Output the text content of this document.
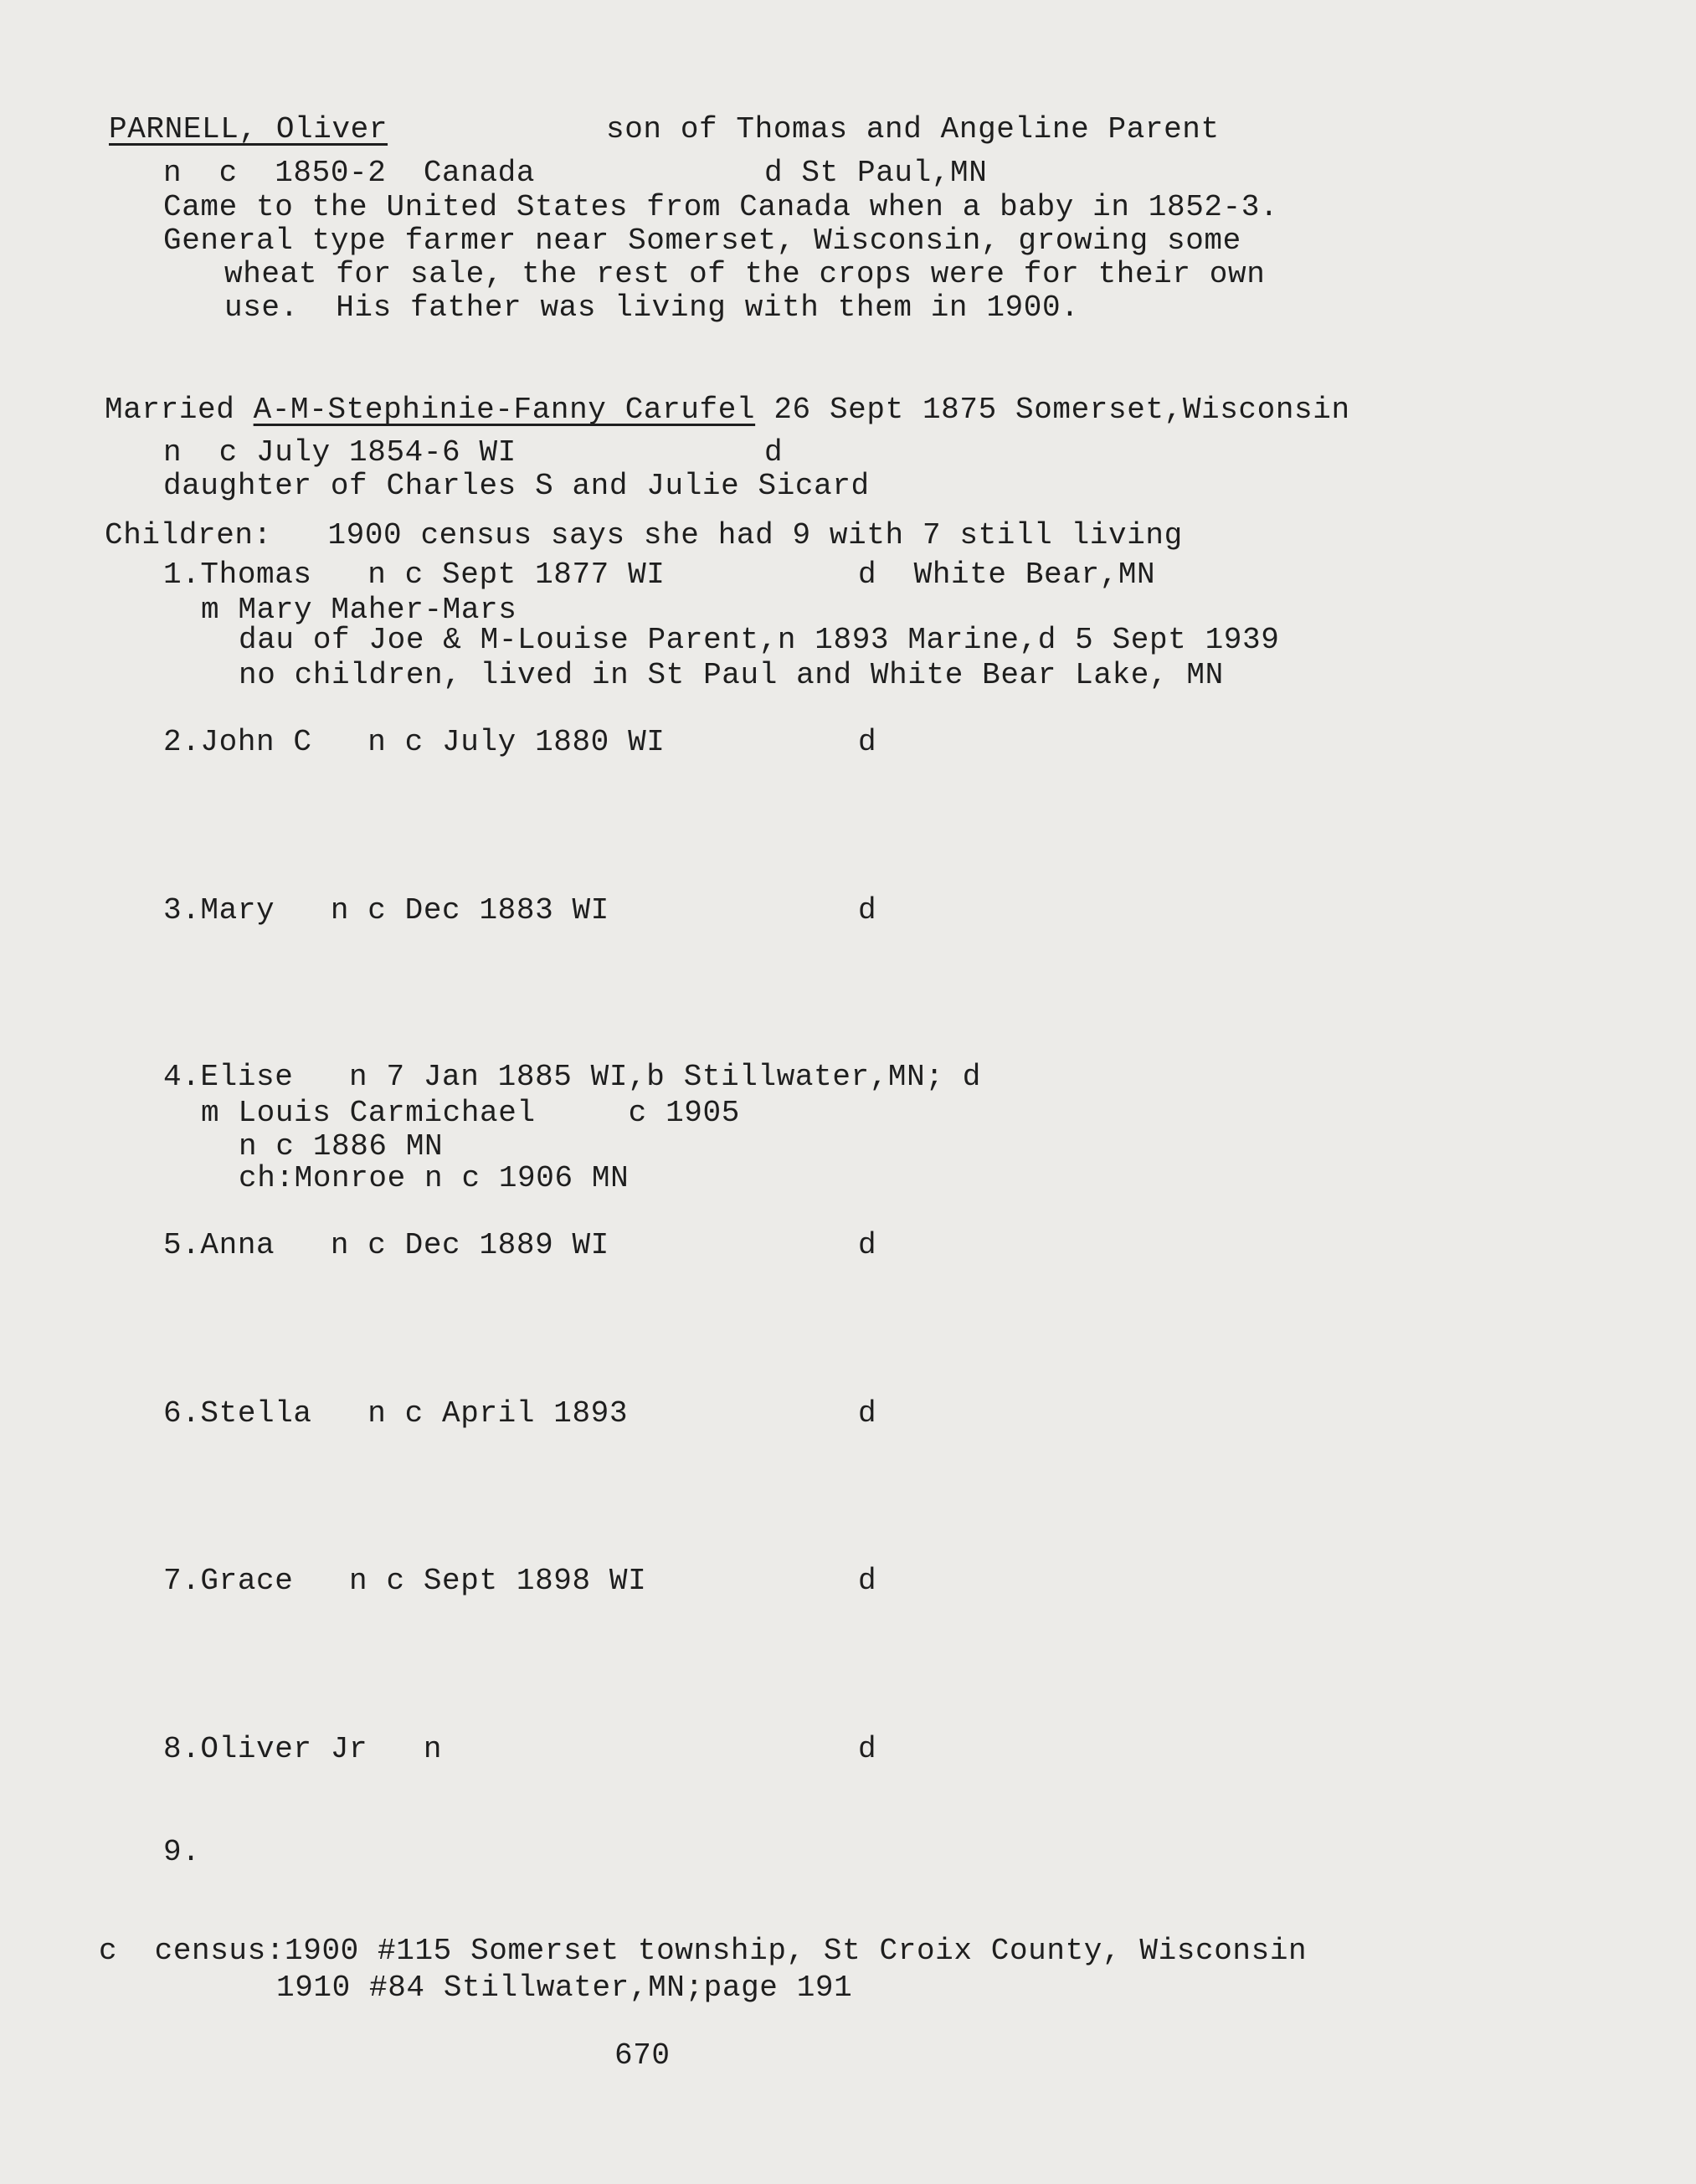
PARNELL, Oliver	son of Thomas and Angeline Parent
n  c  1850-2  Canada	d St Paul,MN
Came to the United States from Canada when a baby in 1852-3.
General type farmer near Somerset, Wisconsin, growing some
wheat for sale, the rest of the crops were for their own
use.  His father was living with them in 1900.
Married A-M-Stephinie-Fanny Carufel 26 Sept 1875 Somerset,Wisconsin
n  c July 1854-6 WI	d
daughter of Charles S and Julie Sicard
Children:   1900 census says she had 9 with 7 still living
1.Thomas   n c Sept 1877 WI	d  White Bear,MN
m Mary Maher-Mars
dau of Joe & M-Louise Parent,n 1893 Marine,d 5 Sept 1939
no children, lived in St Paul and White Bear Lake, MN
2.John C   n c July 1880 WI	d
3.Mary   n c Dec 1883 WI	d
4.Elise   n 7 Jan 1885 WI,b Stillwater,MN; d
m Louis Carmichael     c 1905
n c 1886 MN
ch:Monroe n c 1906 MN
5.Anna   n c Dec 1889 WI	d
6.Stella   n c April 1893	d
7.Grace   n c Sept 1898 WI	d
8.Oliver Jr   n	d
9.
c  census:1900 #115 Somerset township, St Croix County, Wisconsin
1910 #84 Stillwater,MN;page 191
670
